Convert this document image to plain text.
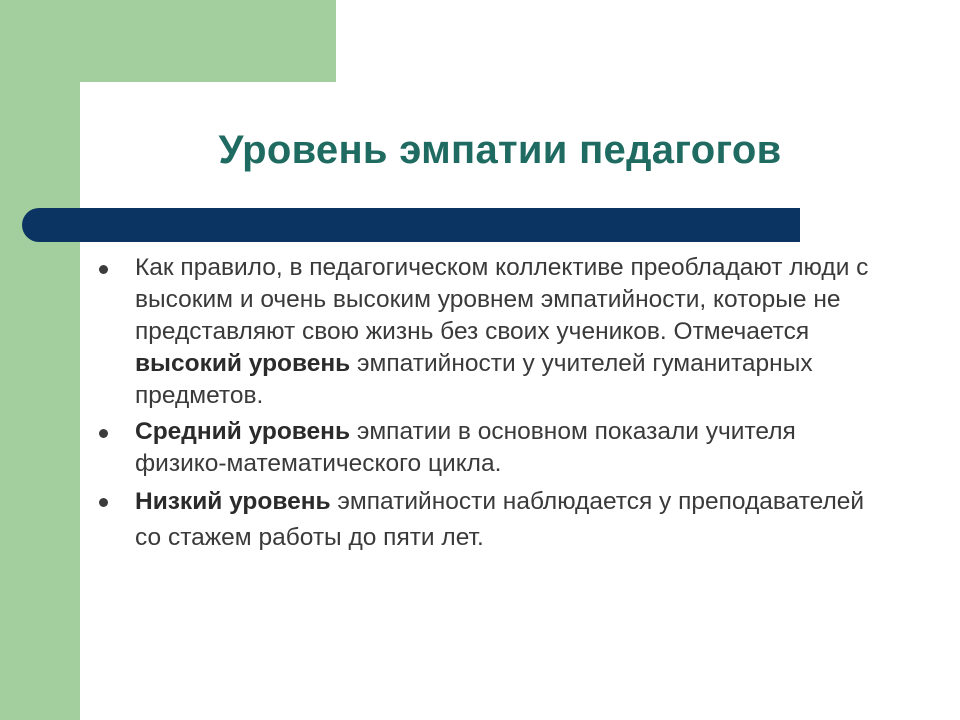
Уровень эмпатии педагогов
Как правило, в педагогическом коллективе преобладают люди с высоким и очень высоким уровнем эмпатийности, которые не представляют свою жизнь без своих учеников. Отмечается высокий уровень эмпатийности у учителей гуманитарных предметов.
Средний уровень эмпатии в основном показали учителя физико-математического цикла.
Низкий уровень эмпатийности наблюдается у преподавателей со стажем работы до пяти лет.
